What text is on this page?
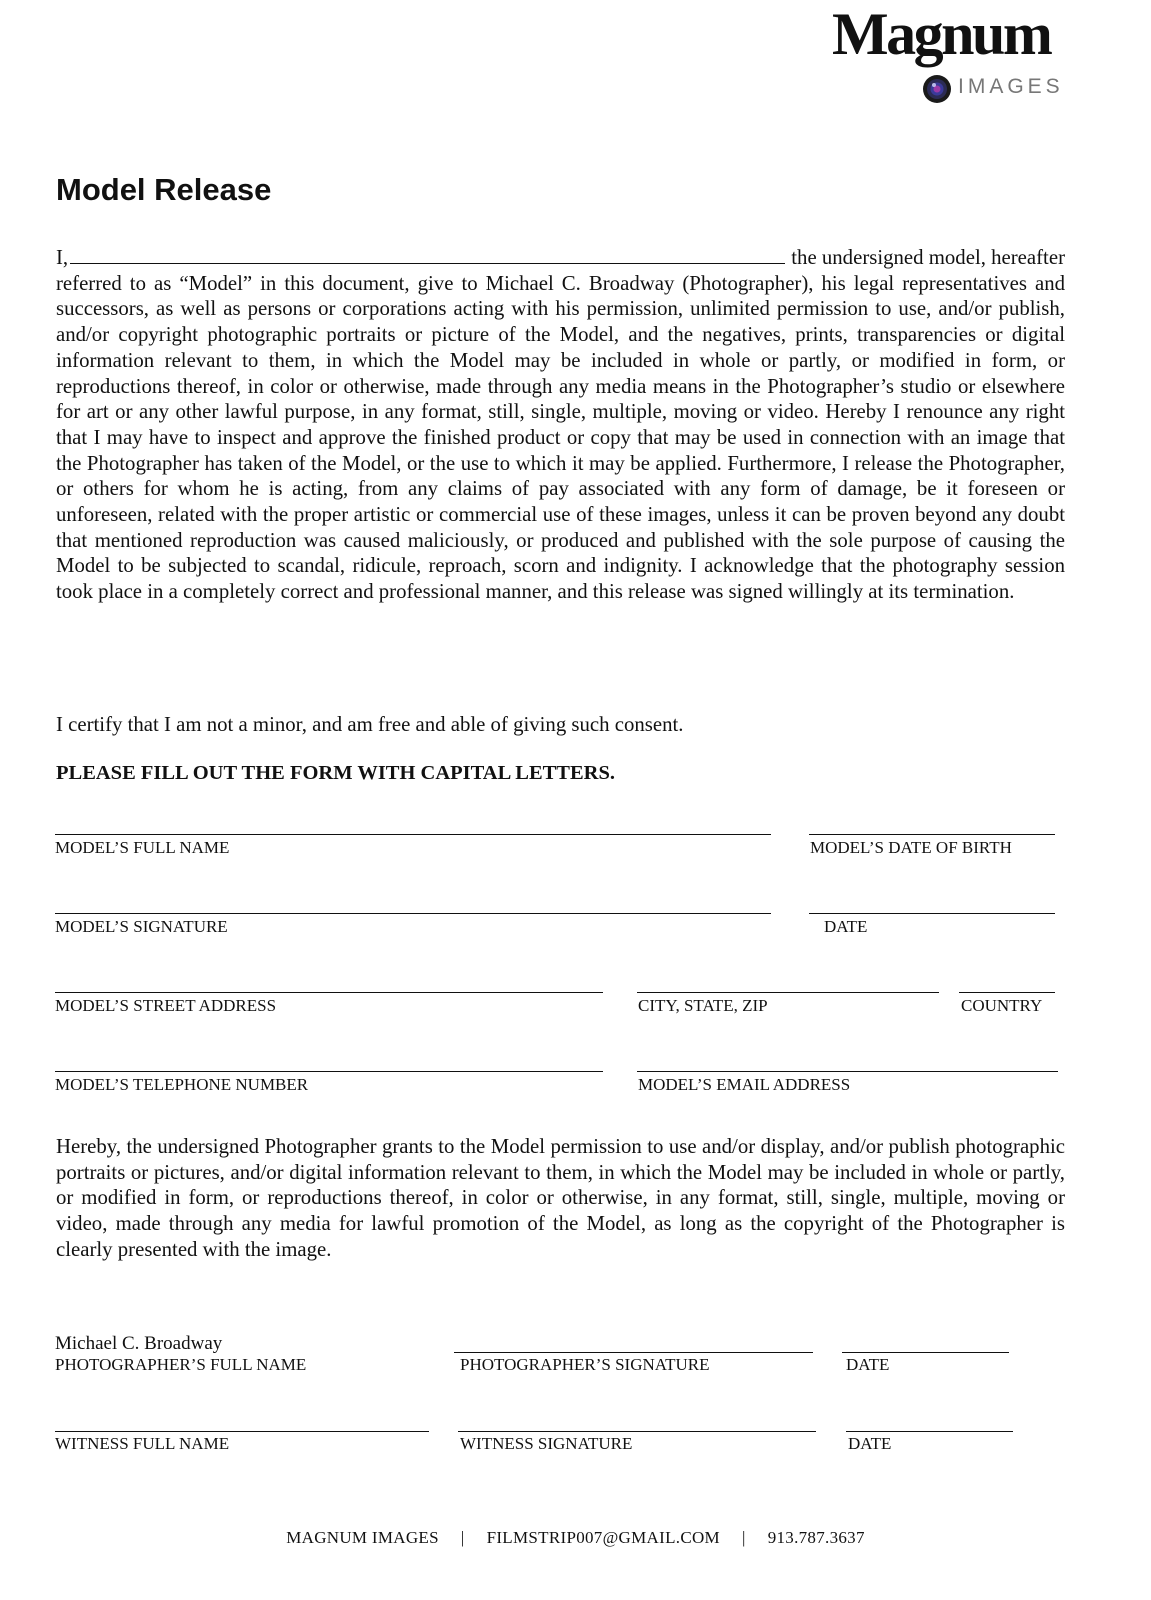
Magnum
IMAGES
Model Release
I,	the undersigned model, hereafter
referred to as “Model” in this document, give to Michael C. Broadway (Photographer), his legal representatives and successors, as well as persons or corporations acting with his permission, unlimited permission to use, and/or publish, and/or copyright photographic portraits or picture of the Model, and the negatives, prints, transparencies or digital information relevant to them, in which the Model may be included in whole or partly, or modified in form, or reproductions thereof, in color or otherwise, made through any media means in the Photographer’s studio or elsewhere for art or any other lawful purpose, in any format, still, single, multiple, moving or video. Hereby I renounce any right that I may have to inspect and approve the finished product or copy that may be used in connection with an image that the Photographer has taken of the Model, or the use to which it may be applied. Furthermore, I release the Photographer, or others for whom he is acting, from any claims of pay associated with any form of damage, be it foreseen or unforeseen, related with the proper artistic or commercial use of these images, unless it can be proven beyond any doubt that mentioned reproduction was caused maliciously, or produced and published with the sole purpose of causing the Model to be subjected to scandal, ridicule, reproach, scorn and indignity. I acknowledge that the photography session took place in a completely correct and professional manner, and this release was signed willingly at its termination.
I certify that I am not a minor, and am free and able of giving such consent.
PLEASE FILL OUT THE FORM WITH CAPITAL LETTERS.
MODEL’S FULL NAME	MODEL’S DATE OF BIRTH
MODEL’S SIGNATURE	DATE
MODEL’S STREET ADDRESS	CITY, STATE, ZIP	COUNTRY
MODEL’S TELEPHONE NUMBER	MODEL’S EMAIL ADDRESS
Hereby, the undersigned Photographer grants to the Model permission to use and/or display, and/or publish photographic portraits or pictures, and/or digital information relevant to them, in which the Model may be included in whole or partly, or modified in form, or reproductions thereof, in color or otherwise, in any format, still, single, multiple, moving or video, made through any media for lawful promotion of the Model, as long as the copyright of the Photographer is clearly presented with the image.
Michael C. Broadway
PHOTOGRAPHER’S FULL NAME	PHOTOGRAPHER’S SIGNATURE	DATE
WITNESS FULL NAME	WITNESS SIGNATURE	DATE
MAGNUM IMAGES | FILMSTRIP007@GMAIL.COM | 913.787.3637
